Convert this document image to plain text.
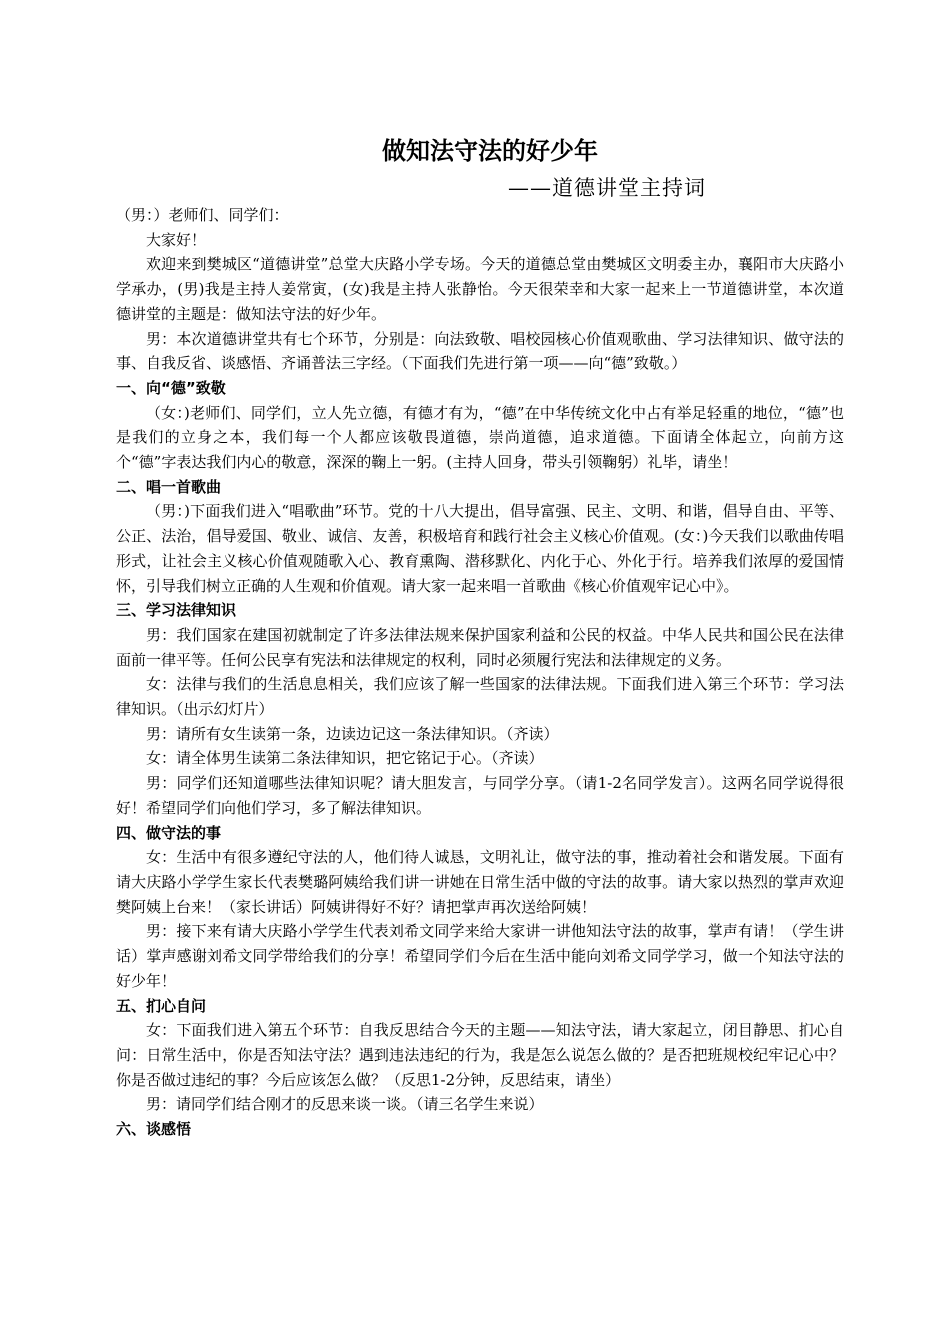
做知法守法的好少年
——道德讲堂主持词

（男：）老师们、同学们：

大家好！

欢迎来到樊城区“道德讲堂”总堂大庆路小学专场。今天的道德总堂由樊城区文明委主办，襄阳市大庆路小学承办，(男)我是主持人姜常寅，(女)我是主持人张静怡。今天很荣幸和大家一起来上一节道德讲堂，本次道德讲堂的主题是：做知法守法的好少年。

男：本次道德讲堂共有七个环节，分别是：向法致敬、唱校园核心价值观歌曲、学习法律知识、做守法的事、自我反省、谈感悟、齐诵普法三字经。（下面我们先进行第一项——向“德”致敬。）

一、向“德”致敬

（女：)老师们、同学们，立人先立德，有德才有为，“德”在中华传统文化中占有举足轻重的地位，“德”也是我们的立身之本，我们每一个人都应该敬畏道德，崇尚道德，追求道德。下面请全体起立，向前方这个“德”字表达我们内心的敬意，深深的鞠上一躬。(主持人回身，带头引领鞠躬）礼毕，请坐！

二、唱一首歌曲

（男：)下面我们进入“唱歌曲”环节。党的十八大提出，倡导富强、民主、文明、和谐，倡导自由、平等、公正、法治，倡导爱国、敬业、诚信、友善，积极培育和践行社会主义核心价值观。(女：)今天我们以歌曲传唱形式，让社会主义核心价值观随歌入心、教育熏陶、潜移默化、内化于心、外化于行。培养我们浓厚的爱国情怀，引导我们树立正确的人生观和价值观。请大家一起来唱一首歌曲《核心价值观牢记心中》。

三、学习法律知识

男：我们国家在建国初就制定了许多法律法规来保护国家利益和公民的权益。中华人民共和国公民在法律面前一律平等。任何公民享有宪法和法律规定的权利，同时必须履行宪法和法律规定的义务。

女：法律与我们的生活息息相关，我们应该了解一些国家的法律法规。下面我们进入第三个环节：学习法律知识。（出示幻灯片）

男：请所有女生读第一条，边读边记这一条法律知识。（齐读）

女：请全体男生读第二条法律知识，把它铭记于心。（齐读）

男：同学们还知道哪些法律知识呢？请大胆发言，与同学分享。（请1-2名同学发言）。这两名同学说得很好！希望同学们向他们学习，多了解法律知识。

四、做守法的事

女：生活中有很多遵纪守法的人，他们待人诚恳，文明礼让，做守法的事，推动着社会和谐发展。下面有请大庆路小学学生家长代表樊璐阿姨给我们讲一讲她在日常生活中做的守法的故事。请大家以热烈的掌声欢迎樊阿姨上台来！（家长讲话）阿姨讲得好不好？请把掌声再次送给阿姨！

男：接下来有请大庆路小学学生代表刘希文同学来给大家讲一讲他知法守法的故事，掌声有请！（学生讲话）掌声感谢刘希文同学带给我们的分享！希望同学们今后在生活中能向刘希文同学学习，做一个知法守法的好少年！

五、扪心自问

女：下面我们进入第五个环节：自我反思结合今天的主题——知法守法，请大家起立，闭目静思、扪心自问：日常生活中，你是否知法守法？遇到违法违纪的行为，我是怎么说怎么做的？是否把班规校纪牢记心中？你是否做过违纪的事？今后应该怎么做？（反思1-2分钟，反思结束，请坐）

男：请同学们结合刚才的反思来谈一谈。（请三名学生来说）

六、谈感悟
